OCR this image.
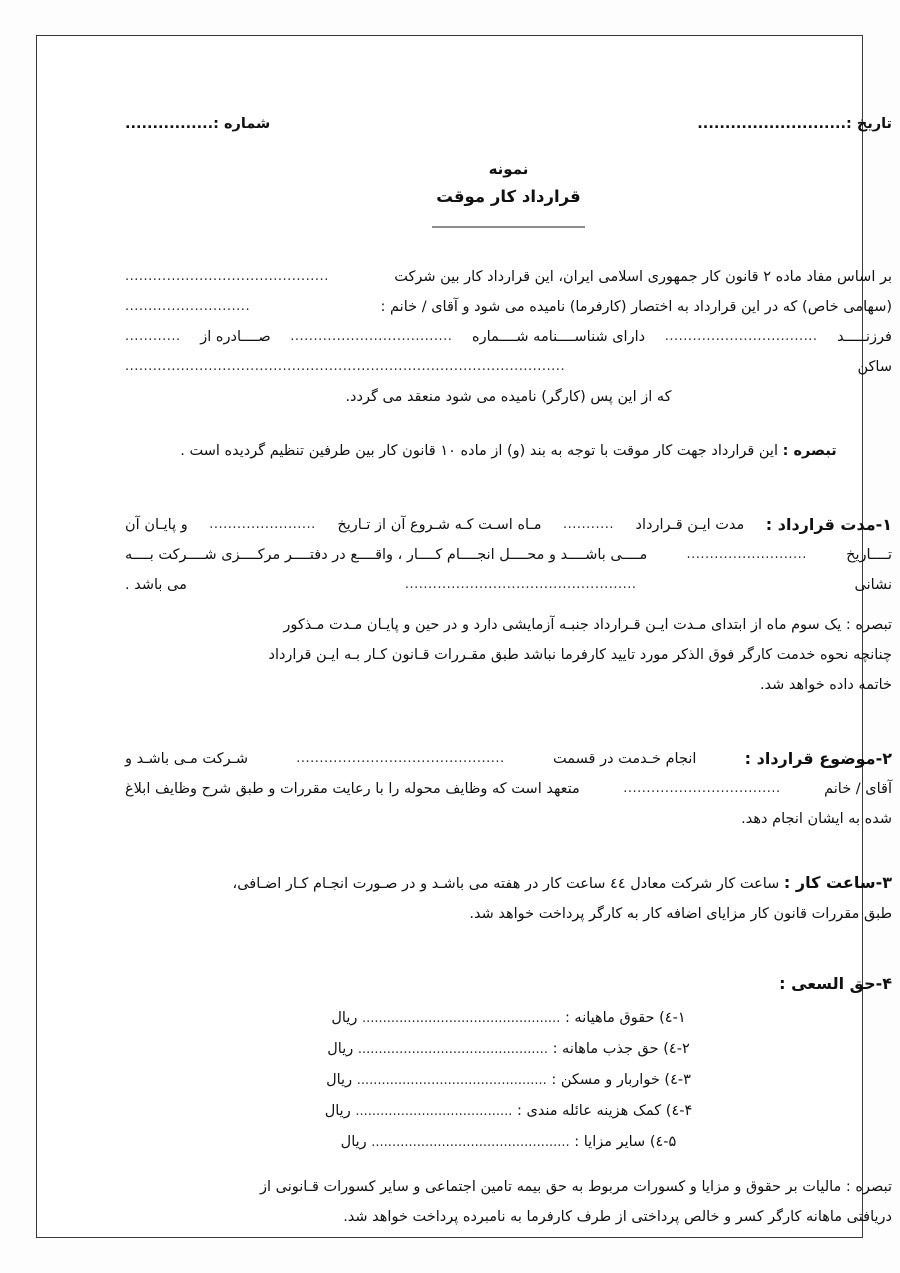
شماره :................	تاریخ :...........................
نمونه
قرارداد کار موقت
بر اساس مفاد ماده ۲ قانون کار جمهوری اسلامی ایران، این قرارداد کار بین شرکت
............................................
(سهامی خاص) که در این قرارداد به اختصار (کارفرما) نامیده می شود و آقای / خانم :
...........................
فرزنـــــد
.................................
دارای شناســــنامه شــــماره
...................................
صــــادره از
............
ساکن
...............................................................................................
که از این پس (کارگر) نامیده می شود منعقد می گردد.
تبصره : این قرارداد جهت کار موقت با توجه به بند (و) از ماده ۱۰ قانون کار بین طرفین تنظیم گردیده است .
۱-مدت قرارداد :
مدت ایـن قـرارداد
...........
مـاه اسـت کـه شـروع آن از تـاریخ
.......................
و پایـان آن
تــــاریخ
..........................
مــــی باشــــد و محــــل انجــــام کــــار ، واقــــع در دفتــــر مرکــــزی شــــرکت بــــه
نشانی
..................................................
می باشد .
تبصره : یک سوم ماه از ابتدای مـدت ایـن قـرارداد جنبـه آزمایشی دارد و در حین و پایـان مـدت مـذکور
چنانچه نحوه خدمت کارگر فوق الذکر مورد تایید کارفرما نباشد طبق مقـررات قـانون کـار بـه ایـن قرارداد
خاتمه داده خواهد شد.
۲-موضوع قرارداد :
انجام خـدمت در قسمت
.............................................
شـرکت مـی باشـد و
آقای / خانم
..................................
متعهد است که وظایف محوله را با رعایت مقررات و طبق شرح وظایف ابلاغ
شده به ایشان انجام دهد.
۳-ساعت کار : ساعت کار شرکت معادل ٤٤ ساعت کار در هفته می باشـد و در صـورت انجـام کـار اضـافی،
طبق مقررات قانون کار مزایای اضافه کار به کارگر پرداخت خواهد شد.
۴-حق السعی :
۱-٤) حقوق ماهیانه : ................................................ ریال
۲-٤) حق جذب ماهانه : .............................................. ریال
۳-٤) خواربار و مسکن : .............................................. ریال
۴-٤) کمک هزینه عائله مندی : ...................................... ریال
۵-٤) سایر مزایا : ................................................ ریال
تبصره : مالیات بر حقوق و مزایا و کسورات مربوط به حق بیمه تامین اجتماعی و سایر کسورات قـانونی از
دریافتی ماهانه کارگر کسر و خالص پرداختی از طرف کارفرما به نامبرده پرداخت خواهد شد.
